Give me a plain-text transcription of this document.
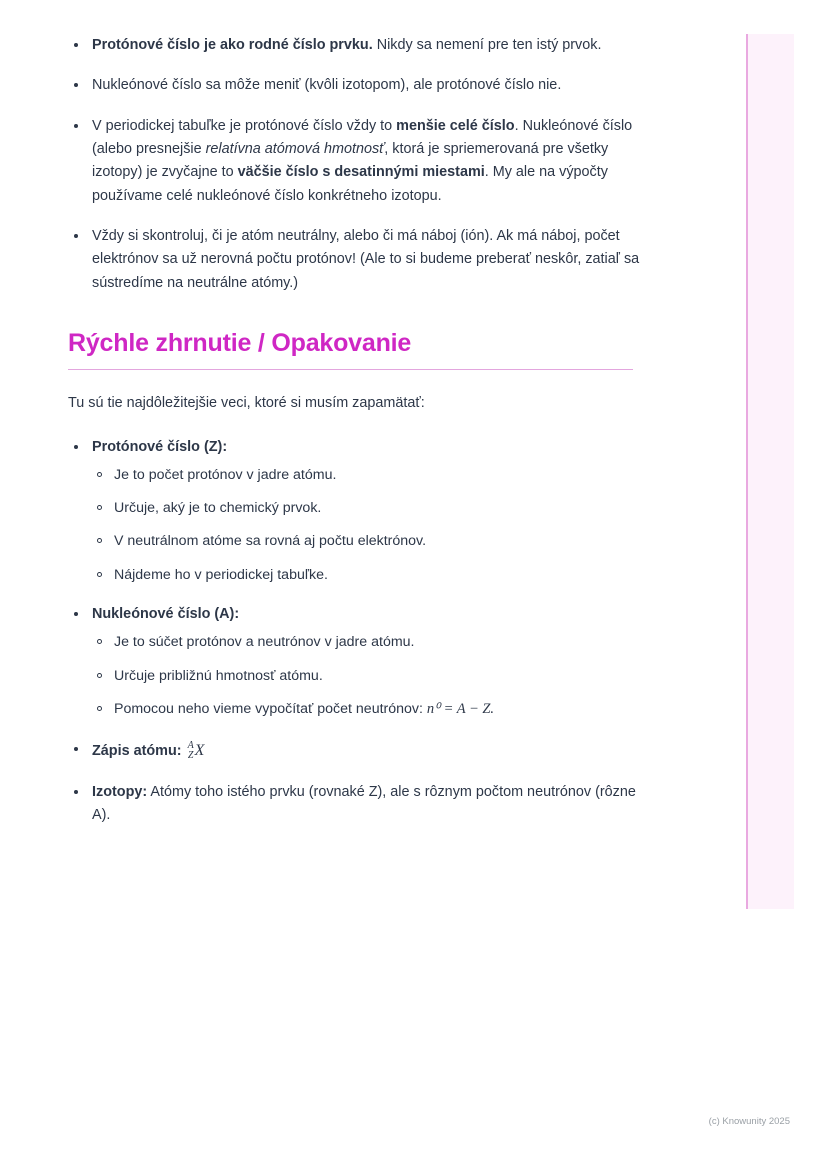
Protónové číslo je ako rodné číslo prvku. Nikdy sa nemení pre ten istý prvok.
Nukleónové číslo sa môže meniť (kvôli izotopom), ale protónové číslo nie.
V periodickej tabuľke je protónové číslo vždy to menšie celé číslo. Nukleónové číslo (alebo presnejšie relatívna atómová hmotnosť, ktorá je spriemerovaná pre všetky izotopy) je zvyčajne to väčšie číslo s desatinnými miestami. My ale na výpočty používame celé nukleónové číslo konkrétneho izotopu.
Vždy si skontroluj, či je atóm neutrálny, alebo či má náboj (ión). Ak má náboj, počet elektrónov sa už nerovná počtu protónov! (Ale to si budeme preberať neskôr, zatiaľ sa sústredíme na neutrálne atómy.)
Rýchle zhrnutie / Opakovanie

Tu sú tie najdôležitejšie veci, ktoré si musím zapamätať:

Protónové číslo (Z):
Je to počet protónov v jadre atómu.
Určuje, aký je to chemický prvok.
V neutrálnom atóme sa rovná aj počtu elektrónov.
Nájdeme ho v periodickej tabuľke.
Nukleónové číslo (A):
Je to súčet protónov a neutrónov v jadre atómu.
Určuje približnú hmotnosť atómu.
Pomocou neho vieme vypočítať počet neutrónov: n⁰ = A − Z.
Zápis atómu: A
Z X
Izotopy: Atómy toho istého prvku (rovnaké Z), ale s rôznym počtom neutrónov (rôzne A).
(c) Knowunity 2025
